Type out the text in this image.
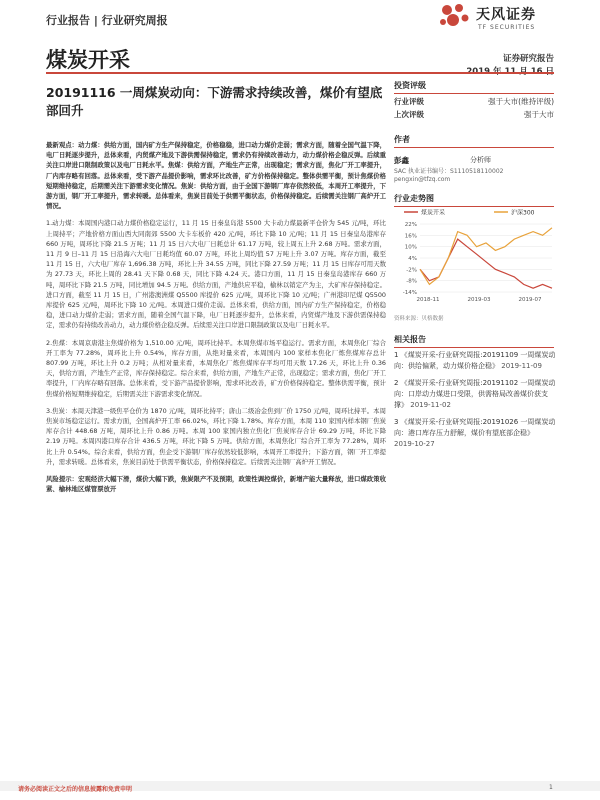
行业报告 | 行业研究周报	天风证券
TF SECURITIES
煤炭开采	证券研究报告
20191116 一周煤炭动向：下游需求持续改善，煤价有望底部回升

最新观点：动力煤：供给方面，国内矿方生产保持稳定，价格稳稳，进口动力煤价走弱；需求方面，随着全国气温下降，电厂日耗逐步提升，总体来看，内贸煤产地及下游供需保持稳定，需求仍有持续改善动力，动力煤价格企稳反弹。后续重关注口岸进口限制政策以及电厂日耗水平。焦煤：供给方面，产地生产正常，出现稳定；需求方面，焦化厂开工率提升，厂内库存略有回落。总体来看，受下游产品提价影响，需求环比改善，矿方价格保持稳定。整体供需平衡，预计焦煤价格短期维持稳定，后期需关注下游需求变化情况。焦炭：供给方面，由于全国下游钢厂库存依然较低，本周开工率提升，下游方面，钢厂开工率提升，需求转暖。总体看来，焦炭目前处于供需平衡状态，价格保持稳定。后续需关注钢厂高炉开工情况。

1.动力煤：本周国内港口动力煤价格稳定运行，11 月 15 日秦皇岛港 5500 大卡动力煤最新平仓价为 545 元/吨，环比上周持平；产地价格方面山西大同南郊 5500 大卡车板价 420 元/吨，环比下降 10 元/吨；11 月 15 日秦皇岛港库存 660 万吨，周环比下降 21.5 万吨；11 月 15 日六大电厂日耗总计 61.17 万吨，较上周五上升 2.68 万吨。需求方面，11 月 9 日–11 月 15 日沿海六大电厂日耗均值 60.07 万吨，环比上周均值 57 万吨上升 3.07 万吨。库存方面，截至 11 月 15 日，六大电厂库存 1,696.38 万吨，环比上升 34.55 万吨，同比下降 27.59 万吨；11 月 15 日库存可用天数为 27.73 天，环比上周的 28.41 天下降 0.68 天，同比下降 4.24 天。港口方面，11 月 15 日秦皇岛港库存 660 万吨，周环比下降 21.5 万吨，同比增加 94.5 万吨。供给方面，产地供应平稳，榆林以销定产为主，大矿库存保持稳定。进口方面，截至 11 月 15 日，广州港澳洲煤 Q5500 库提价 625 元/吨，周环比下降 10 元/吨；广州港印尼煤 Q5500 库提价 625 元/吨，周环比下降 10 元/吨。本周进口煤价走弱。总体来看，供给方面，国内矿方生产保持稳定，价格稳稳，进口动力煤价走弱；需求方面，随着全国气温下降，电厂日耗逐步提升，总体来看，内贸煤产地及下游供需保持稳定，需求仍有持续改善动力，动力煤价格企稳反弹。后续需关注口岸进口限制政策以及电厂日耗水平。

2.焦煤：本周京唐港主焦煤价格为 1,510.00 元/吨，周环比持平。本周焦煤市场平稳运行。需求方面，本周焦化厂综合开工率为 77.28%，周环比上升 0.54%，库存方面，从绝对量来看，本周国内 100 家样本焦化厂炼焦煤库存总计 807.99 万吨，环比上升 0.2 万吨；从相对量来看，本周焦化厂炼焦煤库存平均可用天数 17.26 天，环比上升 0.36 天，供给方面，产地生产正常，库存保持稳定。综合来看，供给方面，产地生产正常，出现稳定；需求方面，焦化厂开工率提升，厂内库存略有回落。总体来看，受下游产品提价影响，需求环比改善，矿方价格保持稳定。整体供需平衡，预计焦煤价格短期维持稳定，后期需关注下游需求变化情况。

3.焦炭：本周天津港一级焦平仓价为 1870 元/吨，周环比持平；唐山二级冶金焦到厂价 1750 元/吨，周环比持平。本周焦炭市场稳定运行。需求方面，全国高炉开工率 66.02%，环比下降 1.78%。库存方面，本周 110 家国内样本钢厂焦炭库存合计 448.68 万吨，周环比上升 0.86 万吨。本周 100 家国内独立焦化厂焦炭库存合计 69.29 万吨，环比下降 2.19 万吨。本周四港口库存合计 436.5 万吨，环比下降 5 万吨。供给方面，本周焦化厂综合开工率为 77.28%，周环比上升 0.54%。综合来看，供给方面，焦企受下游钢厂库存依然较低影响，本周开工率提升；下游方面，钢厂开工率提升，需求转暖。总体看来，焦炭目前处于供需平衡状态，价格保持稳定。后续需关注钢厂高炉开工情况。

风险提示：宏观经济大幅下滑，煤价大幅下跌，焦炭限产不及预期，政策性调控煤价，新增产能大量释放，进口煤政策收紧、榆林地区煤管票放开

投资评级
行业评级	强于大市(维持评级)
上次评级	强于大市
作者
彭鑫	分析师
SAC 执业证书编号：S1110518110002
pengxin@tfzq.com
行业走势图
煤炭开采	沪深300
22%
16%
10%
4%
-2%
-8%
-14%
2018-11	2019-03	2019-07
资料来源：贝格数据
相关报告
1 《煤炭开采-行业研究周报:20191109 一周煤炭动向：供给偏紧，动力煤价格企稳》 2019-11-09
2 《煤炭开采-行业研究周报:20191102 一周煤炭动向：口岸动力煤进口受限，供需格局改善煤价获支撑》 2019-11-02
3 《煤炭开采-行业研究周报:20191026 一周煤炭动向：港口库存压力舒解，煤价有望底部企稳》 2019-10-27
请务必阅读正文之后的信息披露和免责申明	1
